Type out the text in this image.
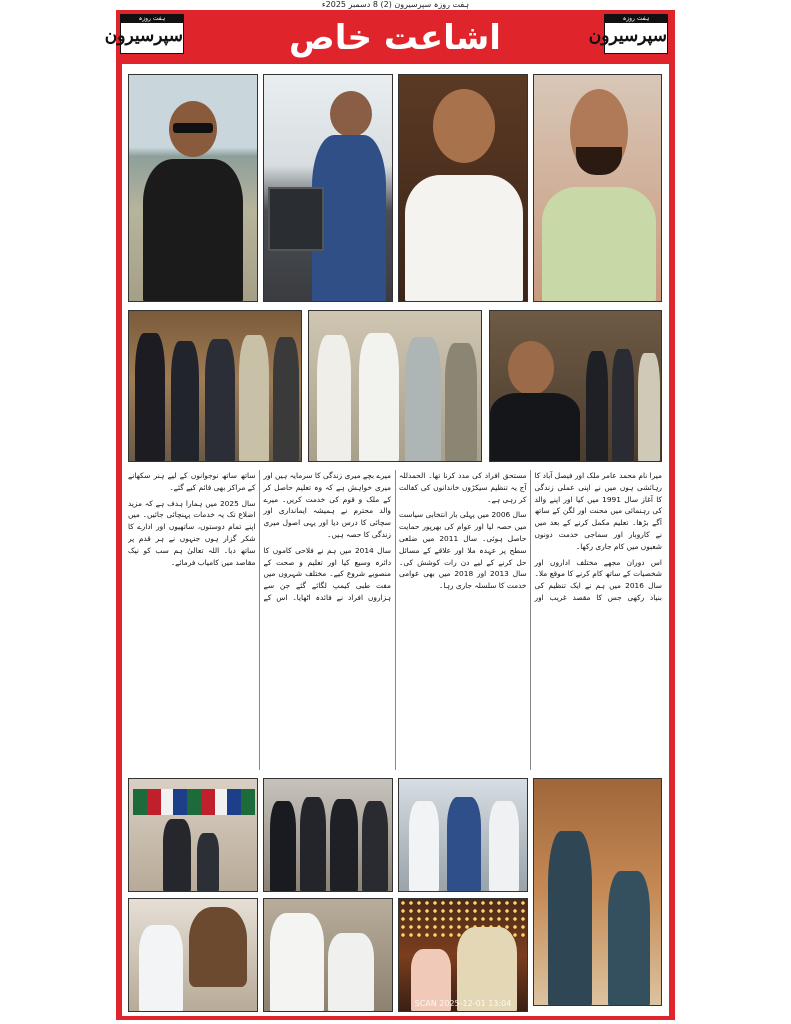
ہفت روزہ سپرسیرون (2) 8 دسمبر 2025ء
ہفت روزہ
سپرسیرون
ہفت روزہ
سپرسیرون
اشاعت خاص

میرا نام محمد عامر ملک اور فیصل آباد کا رہائشی ہوں میں نے اپنی عملی زندگی کا آغاز سال 1991 میں کیا اور اپنے والد کی رہنمائی میں محنت اور لگن کے ساتھ آگے بڑھا۔ تعلیم مکمل کرنے کے بعد میں نے کاروبار اور سماجی خدمت دونوں شعبوں میں کام جاری رکھا۔

اس دوران مجھے مختلف اداروں اور شخصیات کے ساتھ کام کرنے کا موقع ملا۔ سال 2016 میں ہم نے ایک تنظیم کی بنیاد رکھی جس کا مقصد غریب اور مستحق افراد کی مدد کرنا تھا۔ الحمدللہ آج یہ تنظیم سیکڑوں خاندانوں کی کفالت کر رہی ہے۔

سال 2006 میں پہلی بار انتخابی سیاست میں حصہ لیا اور عوام کی بھرپور حمایت حاصل ہوئی۔ سال 2011 میں ضلعی سطح پر عہدہ ملا اور علاقے کے مسائل حل کرنے کے لیے دن رات کوشش کی۔ سال 2013 اور 2018 میں بھی عوامی خدمت کا سلسلہ جاری رہا۔

میرے بچے میری زندگی کا سرمایہ ہیں اور میری خواہش ہے کہ وہ تعلیم حاصل کر کے ملک و قوم کی خدمت کریں۔ میرے والد محترم نے ہمیشہ ایمانداری اور سچائی کا درس دیا اور یہی اصول میری زندگی کا حصہ ہیں۔

سال 2014 میں ہم نے فلاحی کاموں کا دائرہ وسیع کیا اور تعلیم و صحت کے منصوبے شروع کیے۔ مختلف شہروں میں مفت طبی کیمپ لگائے گئے جن سے ہزاروں افراد نے فائدہ اٹھایا۔ اس کے ساتھ ساتھ نوجوانوں کے لیے ہنر سکھانے کے مراکز بھی قائم کیے گئے۔

سال 2025 میں ہمارا ہدف ہے کہ مزید اضلاع تک یہ خدمات پہنچائی جائیں۔ میں اپنے تمام دوستوں، ساتھیوں اور ادارے کا شکر گزار ہوں جنہوں نے ہر قدم پر ساتھ دیا۔ اللہ تعالیٰ ہم سب کو نیک مقاصد میں کامیاب فرمائے۔

SCAN 2025-12-01 13:04
